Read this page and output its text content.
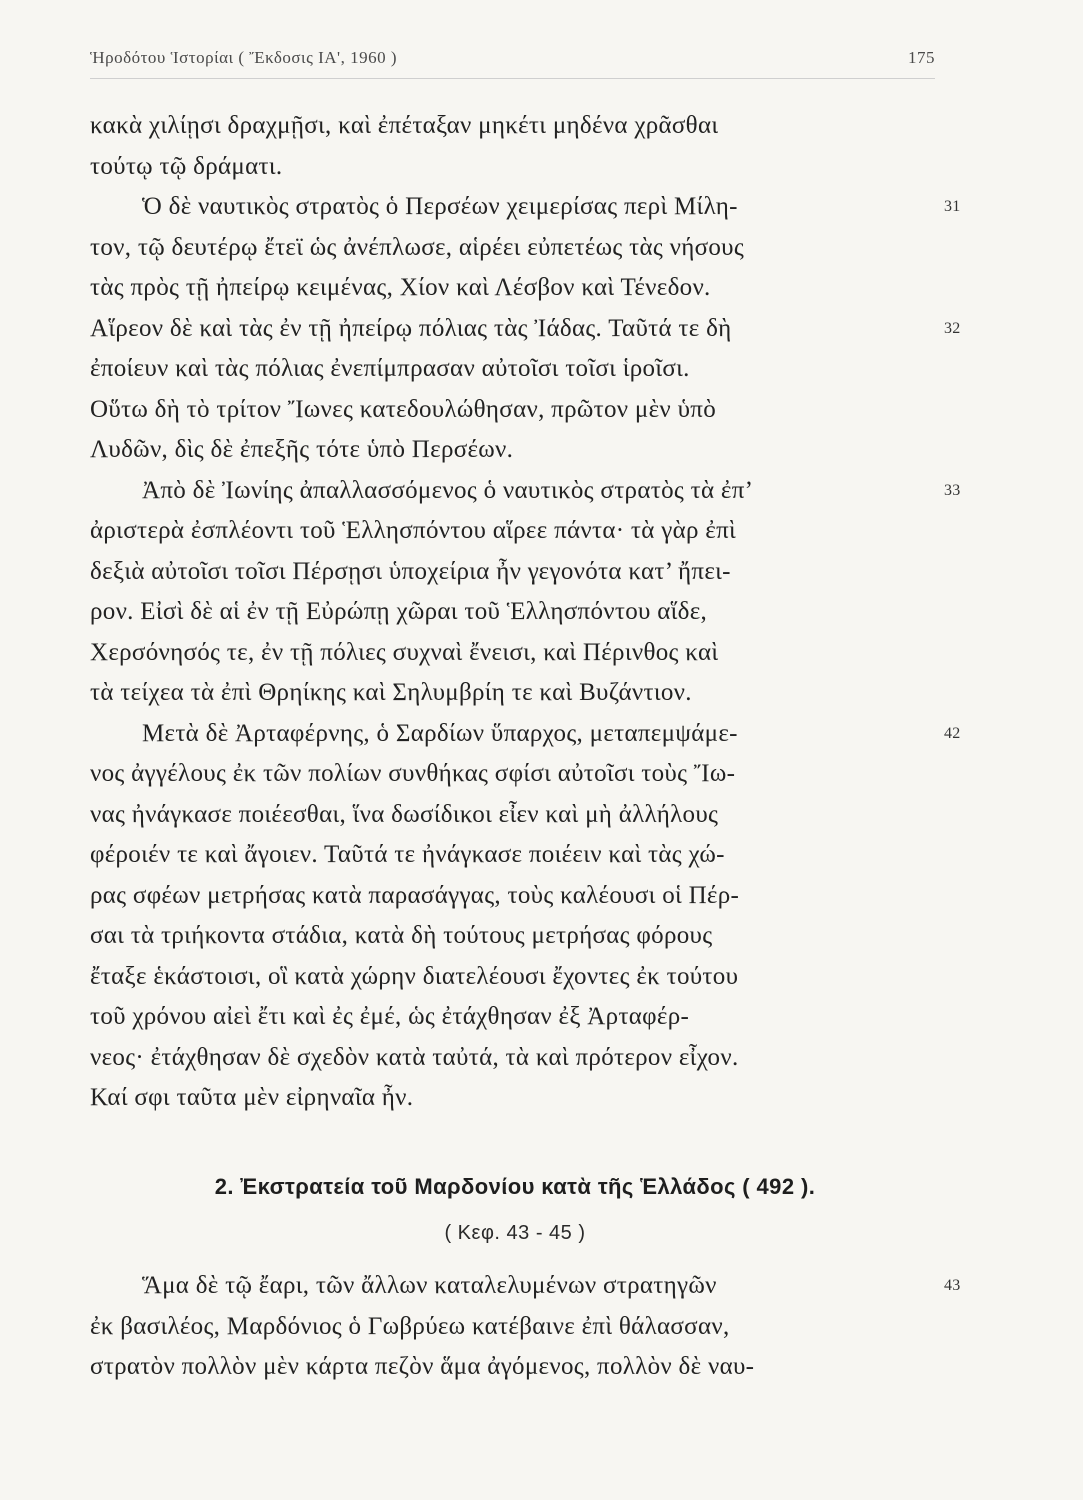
Ἡροδότου Ἱστορίαι ( Ἔκδοσις ΙΑ', 1960 )	175
κακὰ χιλίῃσι δραχμῇσι, καὶ ἐπέταξαν μηκέτι μηδένα χρᾶσθαι
τούτῳ τῷ δράματι.
Ὁ δὲ ναυτικὸς στρατὸς ὁ Περσέων χειμερίσας περὶ Μίλη-	31
τον, τῷ δευτέρῳ ἔτεϊ ὡς ἀνέπλωσε, αἱρέει εὐπετέως τὰς νήσους
τὰς πρὸς τῇ ἠπείρῳ κειμένας, Χίον καὶ Λέσβον καὶ Τένεδον.
Αἵρεον δὲ καὶ τὰς ἐν τῇ ἠπείρῳ πόλιας τὰς Ἰάδας. Ταῦτά τε δὴ	32
ἐποίευν καὶ τὰς πόλιας ἐνεπίμπρασαν αὐτοῖσι τοῖσι ἱροῖσι.
Οὕτω δὴ τὸ τρίτον Ἴωνες κατεδουλώθησαν, πρῶτον μὲν ὑπὸ
Λυδῶν, δὶς δὲ ἐπεξῆς τότε ὑπὸ Περσέων.
Ἀπὸ δὲ Ἰωνίης ἀπαλλασσόμενος ὁ ναυτικὸς στρατὸς τὰ ἐπ’	33
ἀριστερὰ ἐσπλέοντι τοῦ Ἑλλησπόντου αἵρεε πάντα· τὰ γὰρ ἐπὶ
δεξιὰ αὐτοῖσι τοῖσι Πέρσῃσι ὑποχείρια ἦν γεγονότα κατ’ ἤπει-
ρον. Εἰσὶ δὲ αἱ ἐν τῇ Εὐρώπῃ χῶραι τοῦ Ἑλλησπόντου αἵδε,
Χερσόνησός τε, ἐν τῇ πόλιες συχναὶ ἔνεισι, καὶ Πέρινθος καὶ
τὰ τείχεα τὰ ἐπὶ Θρηίκης καὶ Σηλυμβρίη τε καὶ Βυζάντιον.
Μετὰ δὲ Ἀρταφέρνης, ὁ Σαρδίων ὕπαρχος, μεταπεμψάμε-	42
νος ἀγγέλους ἐκ τῶν πολίων συνθήκας σφίσι αὐτοῖσι τοὺς Ἴω-
νας ἠνάγκασε ποιέεσθαι, ἵνα δωσίδικοι εἶεν καὶ μὴ ἀλλήλους
φέροιέν τε καὶ ἄγοιεν. Ταῦτά τε ἠνάγκασε ποιέειν καὶ τὰς χώ-
ρας σφέων μετρήσας κατὰ παρασάγγας, τοὺς καλέουσι οἱ Πέρ-
σαι τὰ τριήκοντα στάδια, κατὰ δὴ τούτους μετρήσας φόρους
ἔταξε ἑκάστοισι, οἳ κατὰ χώρην διατελέουσι ἔχοντες ἐκ τούτου
τοῦ χρόνου αἰεὶ ἔτι καὶ ἐς ἐμέ, ὡς ἐτάχθησαν ἐξ Ἀρταφέρ-
νεος· ἐτάχθησαν δὲ σχεδὸν κατὰ ταὐτά, τὰ καὶ πρότερον εἶχον.
Καί σφι ταῦτα μὲν εἰρηναῖα ἦν.
2. Ἐκστρατεία τοῦ Μαρδονίου κατὰ τῆς Ἑλλάδος ( 492 ).
( Κεφ. 43 - 45 )
Ἅμα δὲ τῷ ἔαρι, τῶν ἄλλων καταλελυμένων στρατηγῶν	43
ἐκ βασιλέος, Μαρδόνιος ὁ Γωβρύεω κατέβαινε ἐπὶ θάλασσαν,
στρατὸν πολλὸν μὲν κάρτα πεζὸν ἅμα ἀγόμενος, πολλὸν δὲ ναυ-
